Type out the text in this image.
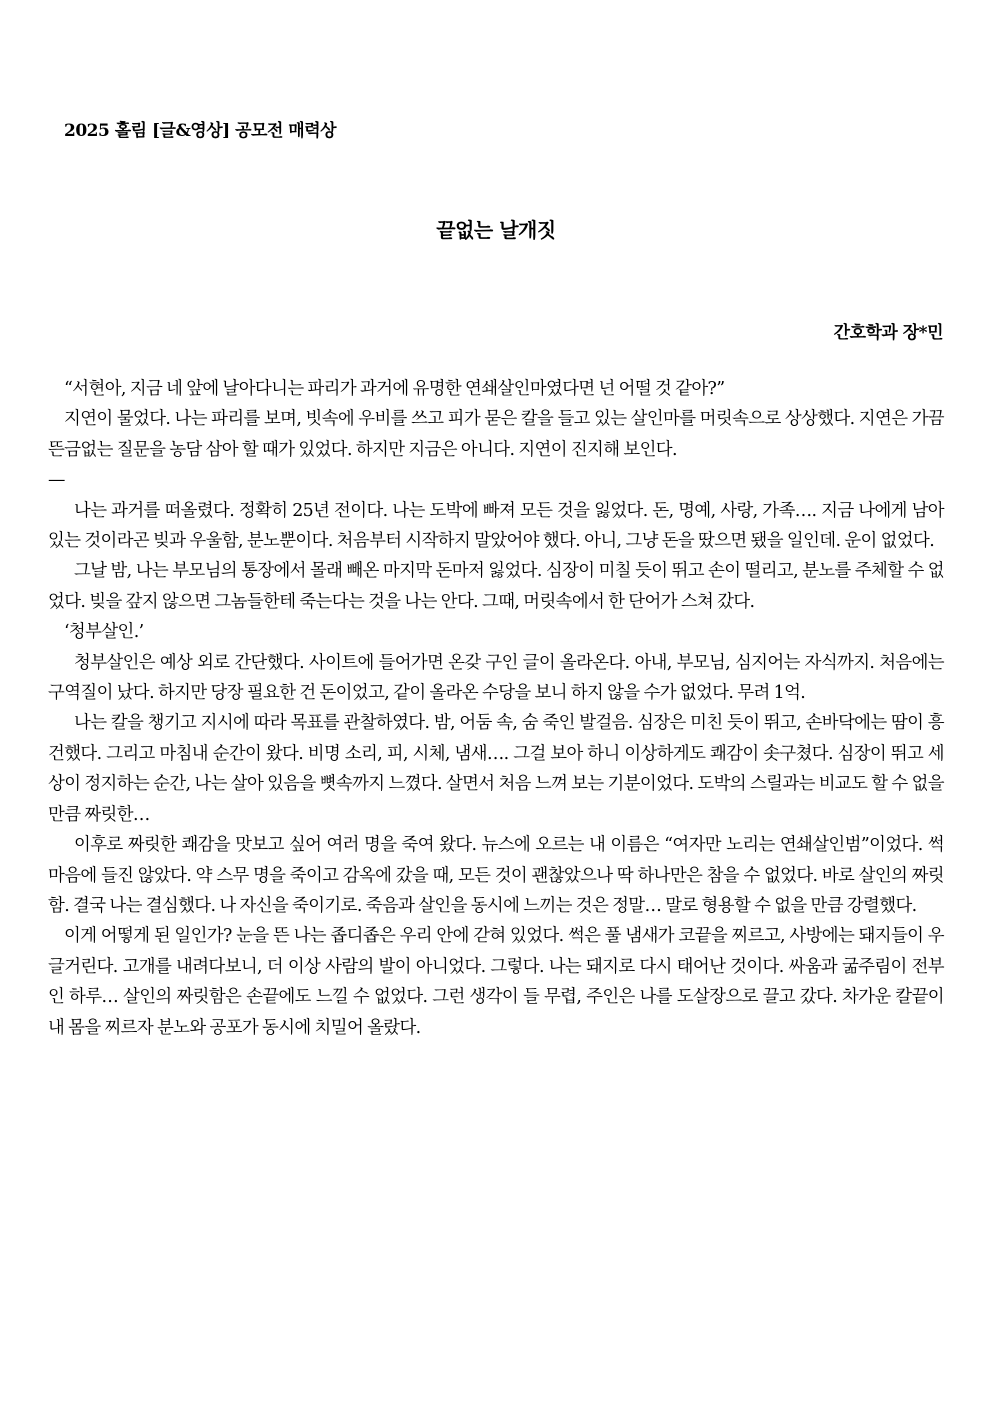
2025 홀림 [글&영상] 공모전 매력상
끝없는 날개짓
간호학과 장*민

“서현아, 지금 네 앞에 날아다니는 파리가 과거에 유명한 연쇄살인마였다면 넌 어떨 것 같아?”

지연이 물었다. 나는 파리를 보며, 빗속에 우비를 쓰고 피가 묻은 칼을 들고 있는 살인마를 머릿속으로 상상했다. 지연은 가끔 뜬금없는 질문을 농담 삼아 할 때가 있었다. 하지만 지금은 아니다. 지연이 진지해 보인다.

—

나는 과거를 떠올렸다. 정확히 25년 전이다. 나는 도박에 빠져 모든 것을 잃었다. 돈, 명예, 사랑, 가족…. 지금 나에게 남아 있는 것이라곤 빚과 우울함, 분노뿐이다. 처음부터 시작하지 말았어야 했다. 아니, 그냥 돈을 땄으면 됐을 일인데. 운이 없었다.

그날 밤, 나는 부모님의 통장에서 몰래 빼온 마지막 돈마저 잃었다. 심장이 미칠 듯이 뛰고 손이 떨리고, 분노를 주체할 수 없었다. 빚을 갚지 않으면 그놈들한테 죽는다는 것을 나는 안다. 그때, 머릿속에서 한 단어가 스쳐 갔다.

‘청부살인.’

청부살인은 예상 외로 간단했다. 사이트에 들어가면 온갖 구인 글이 올라온다. 아내, 부모님, 심지어는 자식까지. 처음에는 구역질이 났다. 하지만 당장 필요한 건 돈이었고, 같이 올라온 수당을 보니 하지 않을 수가 없었다. 무려 1억.

나는 칼을 챙기고 지시에 따라 목표를 관찰하였다. 밤, 어둠 속, 숨 죽인 발걸음. 심장은 미친 듯이 뛰고, 손바닥에는 땀이 흥건했다. 그리고 마침내 순간이 왔다. 비명 소리, 피, 시체, 냄새…. 그걸 보아 하니 이상하게도 쾌감이 솟구쳤다. 심장이 뛰고 세상이 정지하는 순간, 나는 살아 있음을 뼛속까지 느꼈다. 살면서 처음 느껴 보는 기분이었다. 도박의 스릴과는 비교도 할 수 없을 만큼 짜릿한…

이후로 짜릿한 쾌감을 맛보고 싶어 여러 명을 죽여 왔다. 뉴스에 오르는 내 이름은 “여자만 노리는 연쇄살인범”이었다. 썩 마음에 들진 않았다. 약 스무 명을 죽이고 감옥에 갔을 때, 모든 것이 괜찮았으나 딱 하나만은 참을 수 없었다. 바로 살인의 짜릿함. 결국 나는 결심했다. 나 자신을 죽이기로. 죽음과 살인을 동시에 느끼는 것은 정말… 말로 형용할 수 없을 만큼 강렬했다.

이게 어떻게 된 일인가? 눈을 뜬 나는 좁디좁은 우리 안에 갇혀 있었다. 썩은 풀 냄새가 코끝을 찌르고, 사방에는 돼지들이 우글거린다. 고개를 내려다보니, 더 이상 사람의 발이 아니었다. 그렇다. 나는 돼지로 다시 태어난 것이다. 싸움과 굶주림이 전부인 하루… 살인의 짜릿함은 손끝에도 느낄 수 없었다. 그런 생각이 들 무렵, 주인은 나를 도살장으로 끌고 갔다. 차가운 칼끝이 내 몸을 찌르자 분노와 공포가 동시에 치밀어 올랐다.
